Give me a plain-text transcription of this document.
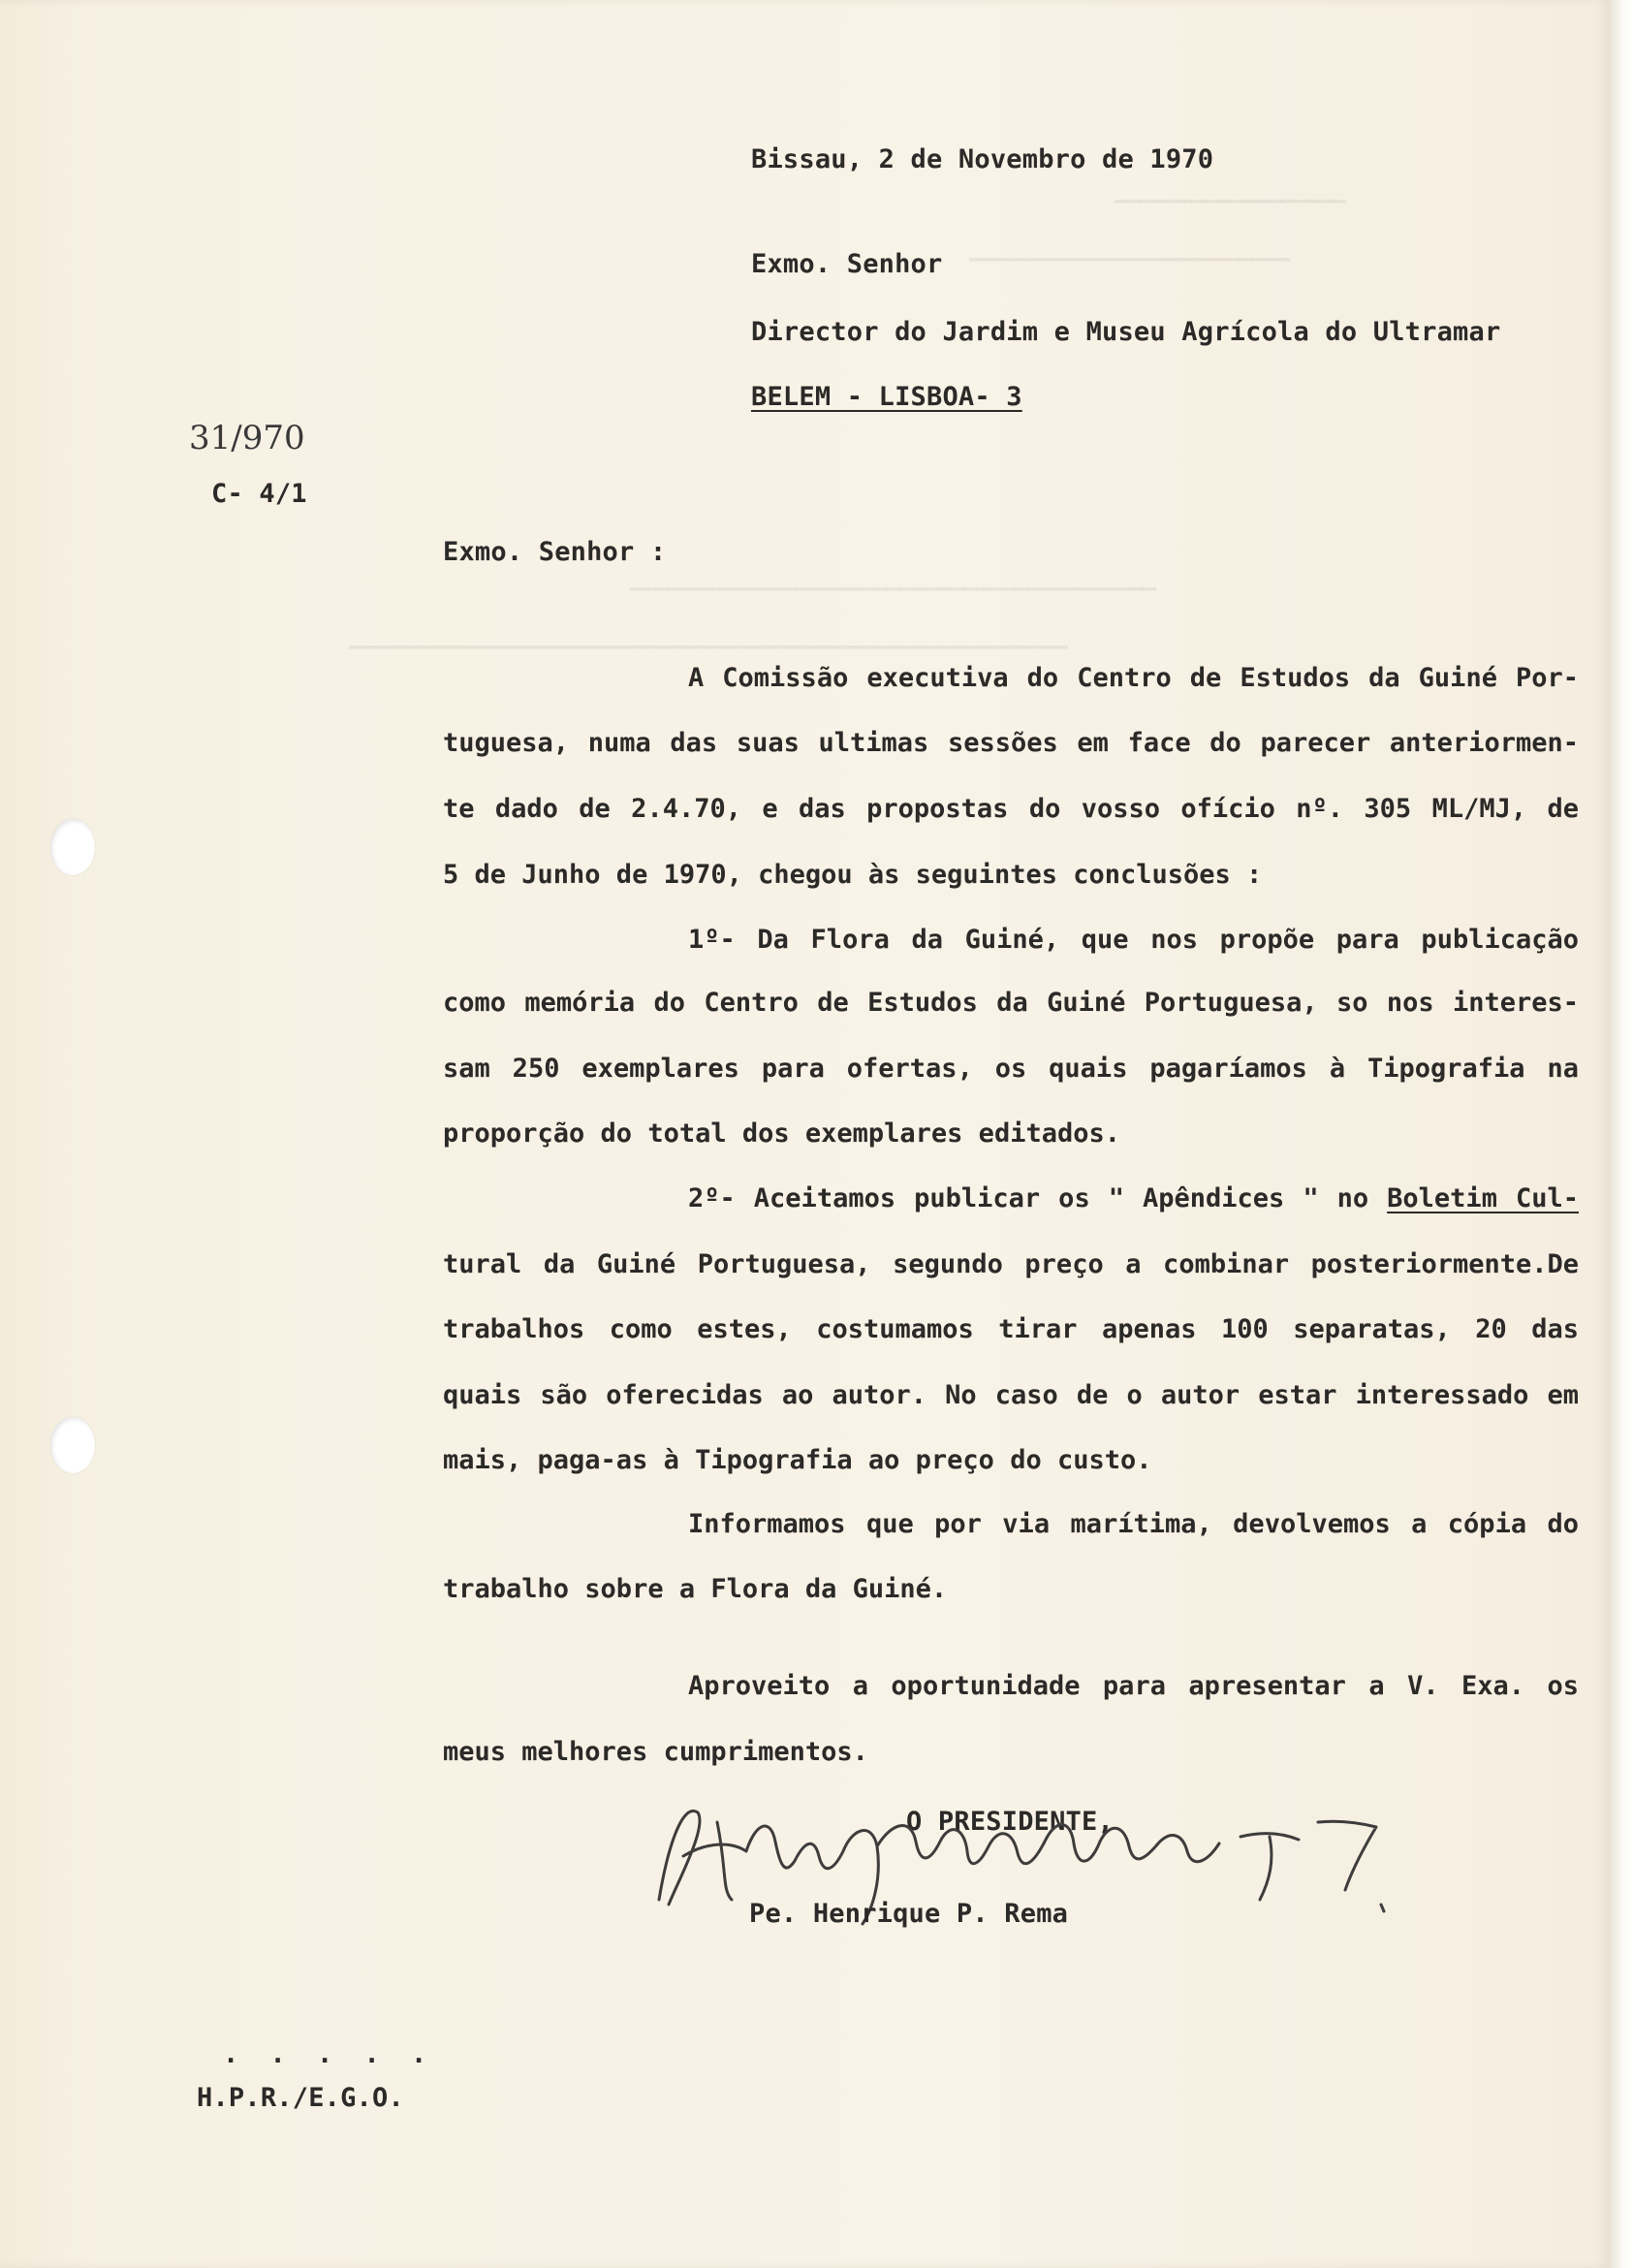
▁▁▁▁▁▁▁▁▁▁▁▁▁▁▁▁▁▁
▁▁▁▁▁▁▁▁▁▁▁▁▁▁▁▁▁▁▁▁▁▁▁▁▁
▁▁▁▁▁▁▁▁▁▁▁▁▁▁▁▁▁▁▁▁▁▁▁▁▁▁▁▁▁▁▁▁▁▁▁▁▁▁▁▁▁
▁▁▁▁▁▁▁▁▁▁▁▁▁▁▁▁▁▁▁▁▁▁▁▁▁▁▁▁▁▁▁▁▁▁▁▁▁▁▁▁▁▁▁▁▁▁▁▁▁▁▁▁▁▁▁▁
Bissau, 2 de Novembro de 1970
Exmo. Senhor
Director do Jardim e Museu Agrícola do Ultramar
BELEM - LISBOA- 3
31/970
C- 4/1
Exmo. Senhor :
A Comissão executiva do Centro de Estudos da Guiné Por-
tuguesa, numa das suas ultimas sessões em face do parecer anteriormen-
te dado de 2.4.70, e das propostas do vosso ofício nº. 305 ML/MJ, de
5 de Junho de 1970, chegou às seguintes conclusões :
1º- Da Flora da Guiné, que nos propõe para publicação
como memória do Centro de Estudos da Guiné Portuguesa, so nos interes-
sam 250 exemplares para ofertas, os quais pagaríamos à Tipografia na
proporção do total dos exemplares editados.
2º- Aceitamos publicar os " Apêndices " no Boletim Cul-
tural da Guiné Portuguesa, segundo preço a combinar posteriormente.De
trabalhos como estes, costumamos tirar apenas 100 separatas, 20 das
quais são oferecidas ao autor. No caso de o autor estar interessado em
mais, paga-as à Tipografia ao preço do custo.
Informamos que por via marítima, devolvemos a cópia do
trabalho sobre a Flora da Guiné.
Aproveito a oportunidade para apresentar a V. Exa. os
meus melhores cumprimentos.
O PRESIDENTE,
Pe. Henrique P. Rema
. . . . .
H.P.R./E.G.O.
